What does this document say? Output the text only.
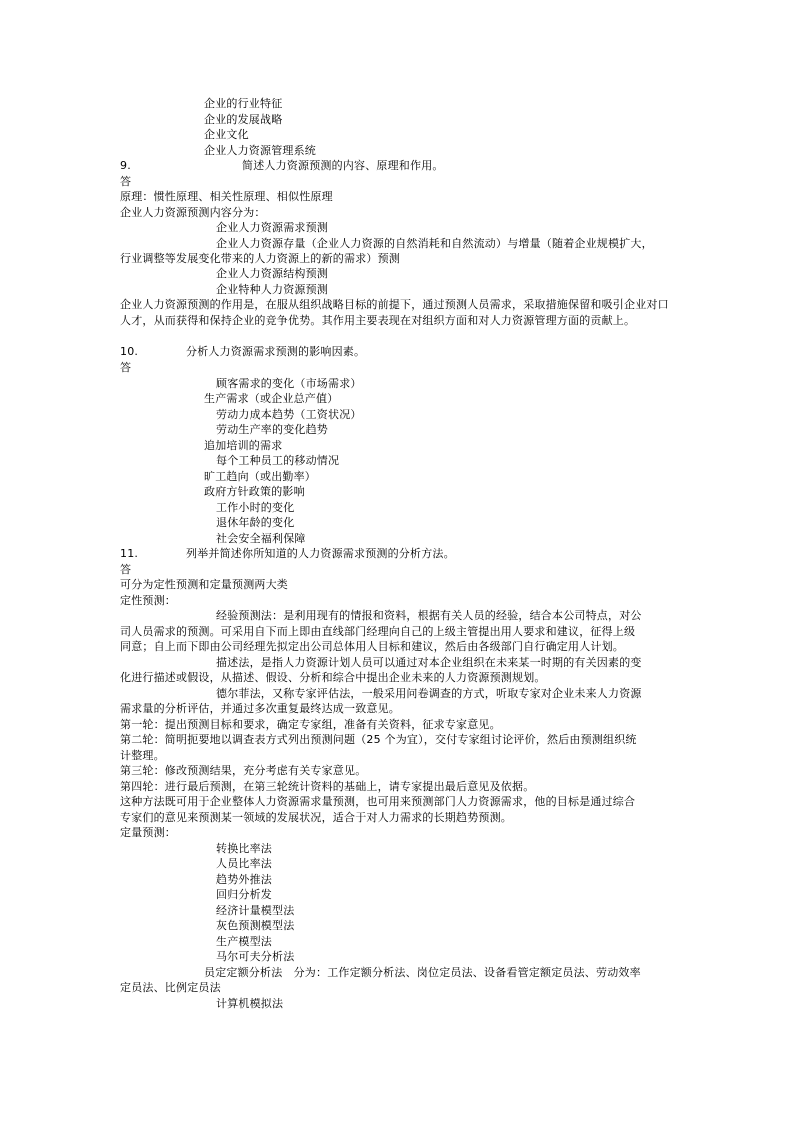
企业的行业特征
企业的发展战略
企业文化
企业人力资源管理系统
9.	简述人力资源预测的内容、原理和作用。
答
原理：惯性原理、相关性原理、相似性原理
企业人力资源预测内容分为：
企业人力资源需求预测
企业人力资源存量（企业人力资源的自然消耗和自然流动）与增量（随着企业规模扩大，
行业调整等发展变化带来的人力资源上的新的需求）预测
企业人力资源结构预测
企业特种人力资源预测
企业人力资源预测的作用是，在服从组织战略目标的前提下，通过预测人员需求，采取措施保留和吸引企业对口人才，从而获得和保持企业的竞争优势。其作用主要表现在对组织方面和对人力资源管理方面的贡献上。
10.	分析人力资源需求预测的影响因素。
答
顾客需求的变化（市场需求）
生产需求（或企业总产值）
劳动力成本趋势（工资状况）
劳动生产率的变化趋势
追加培训的需求
每个工种员工的移动情况
旷工趋向（或出勤率）
政府方针政策的影响
工作小时的变化
退休年龄的变化
社会安全福利保障
11.	列举并简述你所知道的人力资源需求预测的分析方法。
答
可分为定性预测和定量预测两大类
定性预测：
经验预测法：是利用现有的情报和资料，根据有关人员的经验，结合本公司特点，对公
司人员需求的预测。可采用自下而上即由直线部门经理向自己的上级主管提出用人要求和建议，征得上级
同意；自上而下即由公司经理先拟定出公司总体用人目标和建议，然后由各级部门自行确定用人计划。
描述法，是指人力资源计划人员可以通过对本企业组织在未来某一时期的有关因素的变
化进行描述或假设，从描述、假设、分析和综合中提出企业未来的人力资源预测规划。
德尔菲法，又称专家评估法，一般采用问卷调查的方式，听取专家对企业未来人力资源
需求量的分析评估，并通过多次重复最终达成一致意见。
第一轮：提出预测目标和要求，确定专家组，准备有关资料，征求专家意见。
第二轮：简明扼要地以调查表方式列出预测问题（25 个为宜），交付专家组讨论评价，然后由预测组织统
计整理。
第三轮：修改预测结果，充分考虑有关专家意见。
第四轮：进行最后预测，在第三轮统计资料的基础上，请专家提出最后意见及依据。
这种方法既可用于企业整体人力资源需求量预测，也可用来预测部门人力资源需求，他的目标是通过综合
专家们的意见来预测某一领域的发展状况，适合于对人力需求的长期趋势预测。
定量预测：
转换比率法
人员比率法
趋势外推法
回归分析发
经济计量模型法
灰色预测模型法
生产模型法
马尔可夫分析法
员定定额分析法　分为：工作定额分析法、岗位定员法、设备看管定额定员法、劳动效率
定员法、比例定员法
计算机模拟法
